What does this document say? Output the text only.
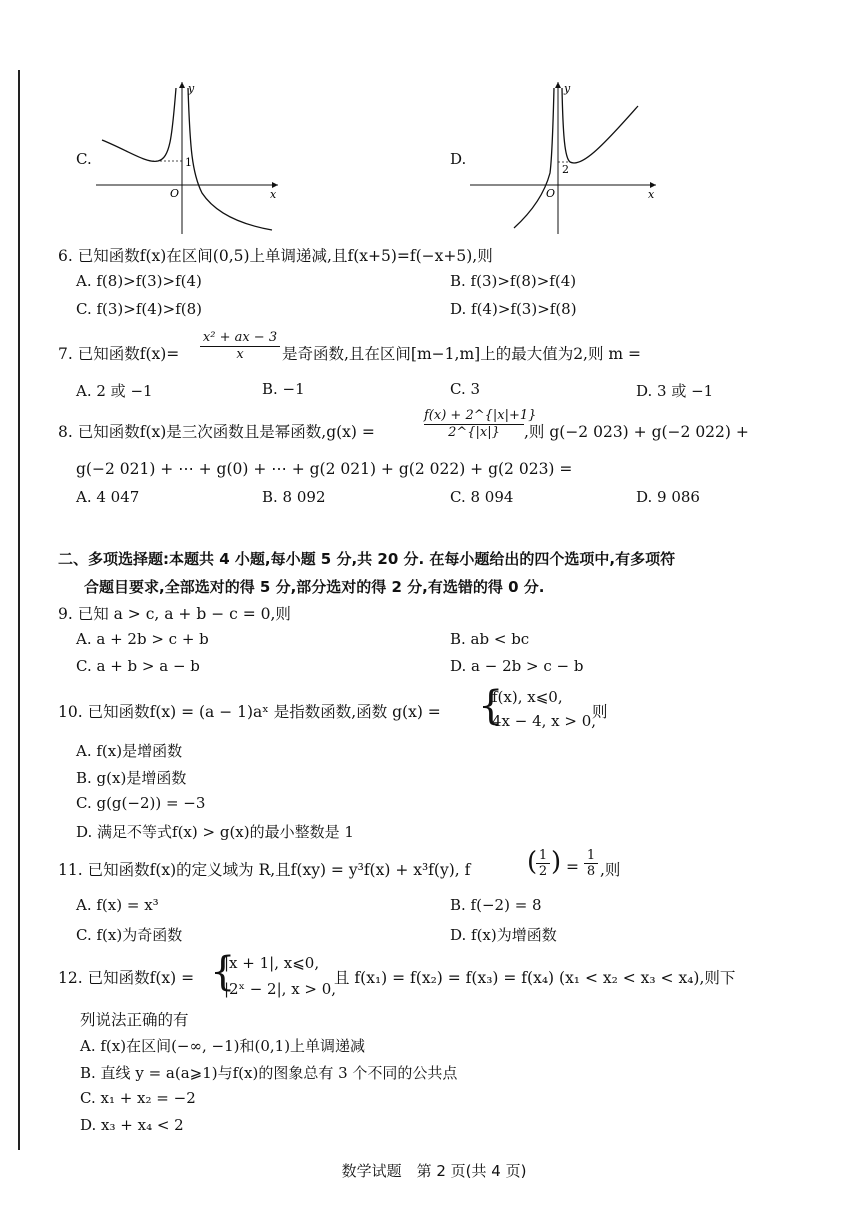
C.
y
x
O
1	D.
y
x
O
2
6. 已知函数f(x)在区间(0,5)上单调递减,且f(x+5)=f(−x+5),则
A. f(8)>f(3)>f(4)	B. f(3)>f(8)>f(4)
C. f(3)>f(4)>f(8)	D. f(4)>f(3)>f(8)
7. 已知函数$f(x)= \frac{\text{x² + ax − 3}}{x}$ 是奇函数,且在区间[m−1,m]上的最大值为2,则 m =
A. 2 或 −1	B. −1	C. 3	D. 3 或 −1
8. 已知函数f(x)是三次函数且是幂函数,g(x) =	$\frac{f(x) + 2\^{}\{|x|+1\}}{2\^{}\{|x|\}}$ ,则 g(−2 023) + g(−2 022) +
g(−2 021) + ⋯ + g(0) + ⋯ + g(2 021) + g(2 022) + g(2 023) =
A. 4 047	B. 8 092	C. 8 094	D. 9 086
二、多项选择题:本题共 4 小题,每小题 5 分,共 20 分. 在每小题给出的四个选项中,有多项符
合题目要求,全部选对的得 5 分,部分选对的得 2 分,有选错的得 0 分.
9. 已知 a > c, a + b − c = 0,则
A. a + 2b > c + b	B. ab < bc
C. a + b > a − b	D. a − 2b > c − b
10. 已知函数f(x) = (a − 1)aˣ 是指数函数,函数 g(x) = {
f(x), x⩽0,
4x − 4, x > 0,
则
A. f(x)是增函数
B. g(x)是增函数
C. g(g(−2)) = −3
D. 满足不等式f(x) > g(x)的最小整数是 1
11. 已知函数f(x)的定义域为 R,且f(xy) = y³f(x) + x³f(y), f (
$\frac{1}{2}$ ) = $\frac{1}{8}$ ,则
A. f(x) = x³	B. f(−2) = 8
C. f(x)为奇函数	D. f(x)为增函数
12. 已知函数f(x) = {
|x + 1|, x⩽0,
|2ˣ − 2|, x > 0,
且 f(x₁) = f(x₂) = f(x₃) = f(x₄) (x₁ < x₂ < x₃ < x₄),则下
列说法正确的有
A. f(x)在区间(−∞, −1)和(0,1)上单调递减
B. 直线 y = a(a⩾1)与f(x)的图象总有 3 个不同的公共点
C. x₁ + x₂ = −2
D. x₃ + x₄ < 2
数学试题　第 2 页(共 4 页)
